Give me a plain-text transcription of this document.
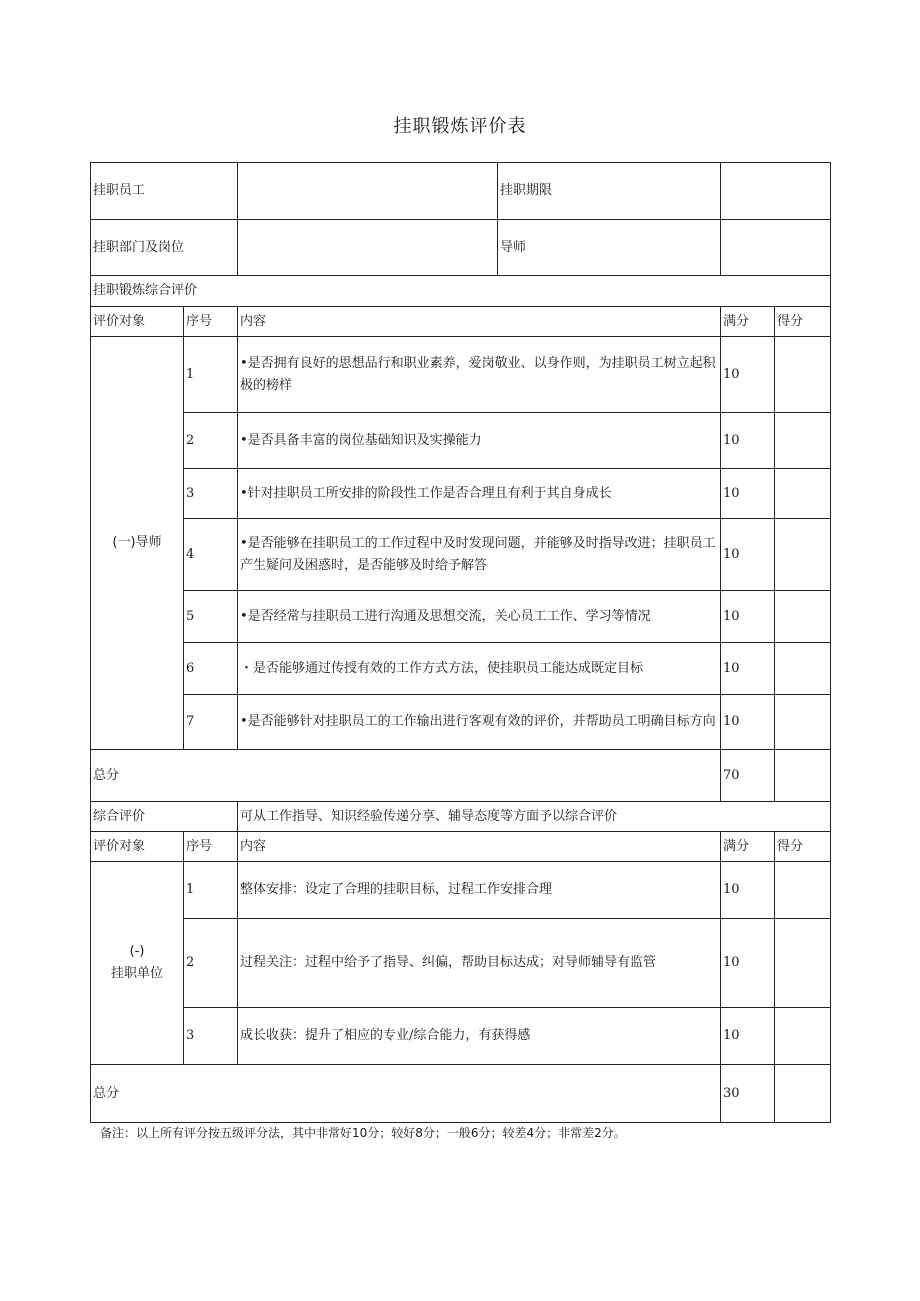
挂职锻炼评价表
挂职员工			挂职期限		
挂职部门及岗位			导师		
挂职锻炼综合评价					
评价对象	序号	内容		满分	得分
(一)导师	1	•是否拥有良好的思想品行和职业素养，爱岗敬业、以身作则，为挂职员工树立起积极的榜样		10	
	2	•是否具备丰富的岗位基础知识及实操能力		10	
	3	•针对挂职员工所安排的阶段性工作是否合理且有利于其自身成长		10	
	4	•是否能够在挂职员工的工作过程中及时发现问题，并能够及时指导改进；挂职员工产生疑问及困惑时，是否能够及时给予解答		10	
	5	•是否经常与挂职员工进行沟通及思想交流，关心员工工作、学习等情况		10	
	6	・是否能够通过传授有效的工作方式方法，使挂职员工能达成既定目标		10	
	7	•是否能够针对挂职员工的工作输出进行客观有效的评价，并帮助员工明确目标方向		10	
总分				70	
综合评价		可从工作指导、知识经验传递分享、辅导态度等方面予以综合评价			
评价对象	序号	内容		满分	得分

(-)
挂职单位	1	整体安排：设定了合理的挂职目标，过程工作安排合理		10	
	2	过程关注：过程中给予了指导、纠偏，帮助目标达成；对导师辅导有监管		10	
	3	成长收获：提升了相应的专业/综合能力，有获得感		10	
总分				30	
备注：以上所有评分按五级评分法，其中非常好10分；较好8分；一般6分；较差4分；非常差2分。
